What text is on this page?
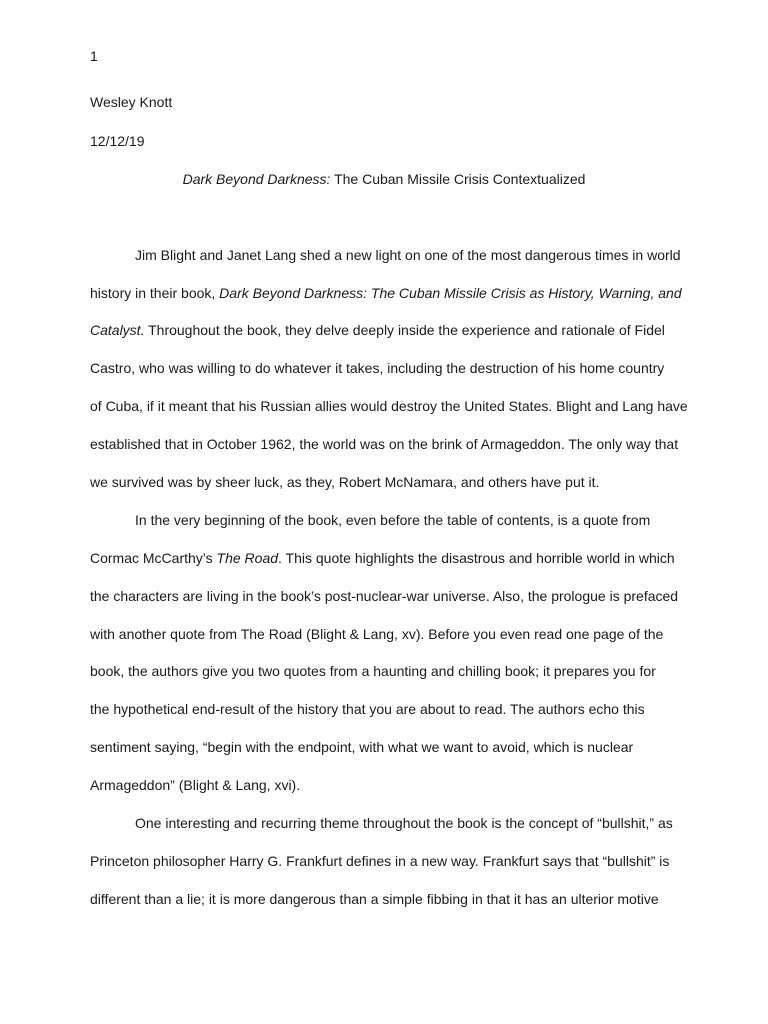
1
Wesley Knott
12/12/19
Dark Beyond Darkness: The Cuban Missile Crisis Contextualized
Jim Blight and Janet Lang shed a new light on one of the most dangerous times in world
history in their book, Dark Beyond Darkness: The Cuban Missile Crisis as History, Warning, and
Catalyst. Throughout the book, they delve deeply inside the experience and rationale of Fidel
Castro, who was willing to do whatever it takes, including the destruction of his home country
of Cuba, if it meant that his Russian allies would destroy the United States. Blight and Lang have
established that in October 1962, the world was on the brink of Armageddon. The only way that
we survived was by sheer luck, as they, Robert McNamara, and others have put it.
In the very beginning of the book, even before the table of contents, is a quote from
Cormac McCarthy’s The Road. This quote highlights the disastrous and horrible world in which
the characters are living in the book’s post-nuclear-war universe. Also, the prologue is prefaced
with another quote from The Road (Blight & Lang, xv). Before you even read one page of the
book, the authors give you two quotes from a haunting and chilling book; it prepares you for
the hypothetical end-result of the history that you are about to read. The authors echo this
sentiment saying, “begin with the endpoint, with what we want to avoid, which is nuclear
Armageddon” (Blight & Lang, xvi).
One interesting and recurring theme throughout the book is the concept of “bullshit,” as
Princeton philosopher Harry G. Frankfurt defines in a new way. Frankfurt says that “bullshit” is
different than a lie; it is more dangerous than a simple fibbing in that it has an ulterior motive
